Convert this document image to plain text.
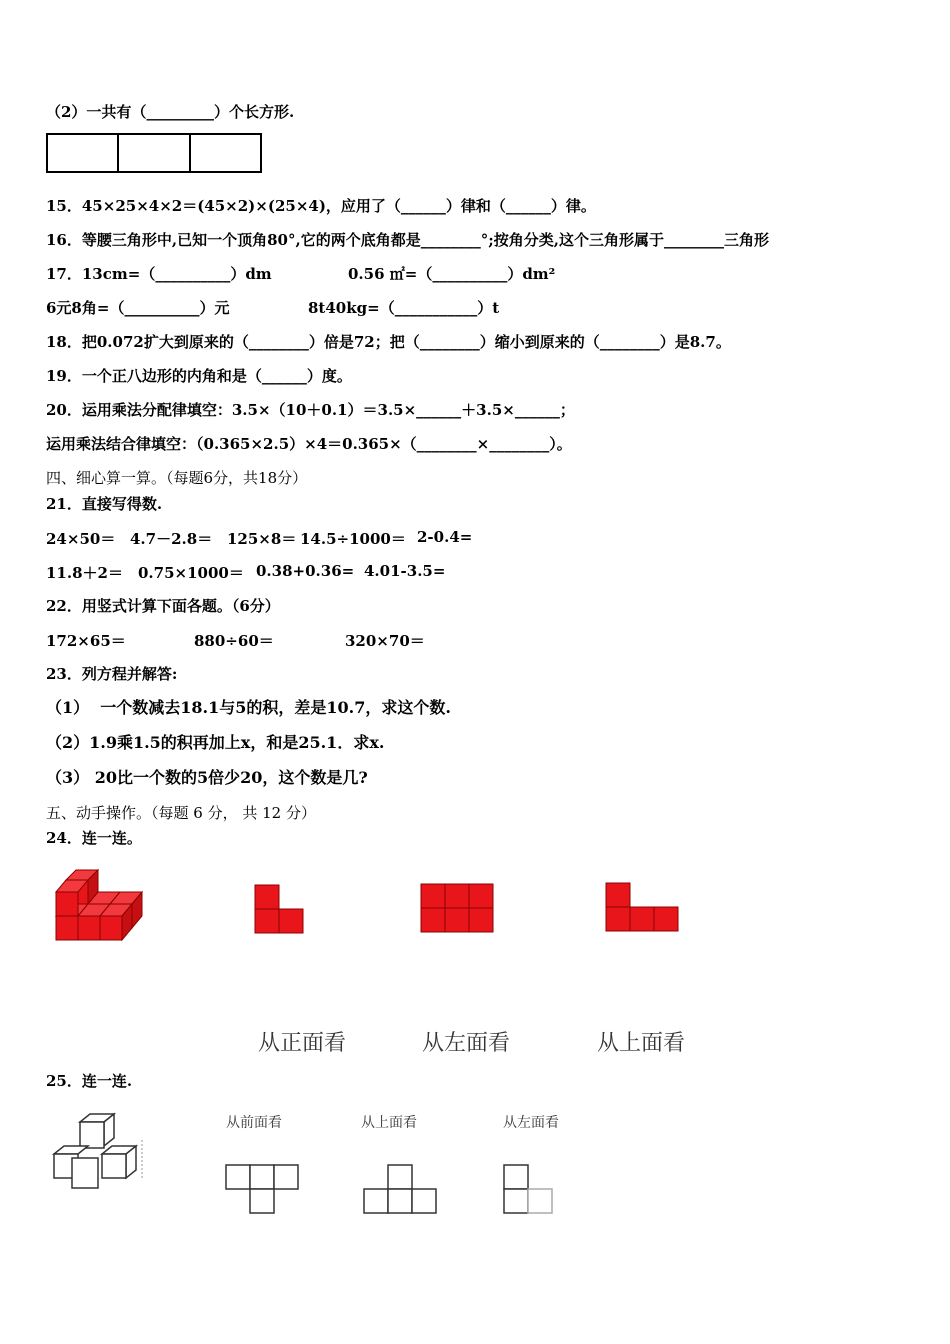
（2）一共有（_________）个长方形.
15．45×25×4×2＝(45×2)×(25×4)，应用了（______）律和（______）律。
16．等腰三角形中,已知一个顶角80°,它的两个底角都是________°;按角分类,这个三角形属于________三角形
17．13cm=（__________）dm	0.56 ㎡=（__________）dm²
6元8角=（__________）元	8t40kg=（___________）t
18．把0.072扩大到原来的（________）倍是72；把（________）缩小到原来的（________）是8.7。
19．一个正八边形的内角和是（______）度。
20．运用乘法分配律填空：3.5×（10＋0.1）＝3.5×______＋3.5×______；
运用乘法结合律填空：（0.365×2.5）×4＝0.365×（________×________）。
四、细心算一算。（每题6分，共18分）
21．直接写得数.
24×50＝ 4.7－2.8＝ 125×8＝ 14.5÷1000＝ 2-0.4=
11.8＋2＝ 0.75×1000＝ 0.38+0.36= 4.01-3.5=
22．用竖式计算下面各题。（6分）
172×65＝	880÷60＝	320×70＝
23．列方程并解答:
（1）  一个数减去18.1与5的积，差是10.7，求这个数.
（2）1.9乘1.5的积再加上x，和是25.1．求x.
（3） 20比一个数的5倍少20，这个数是几?
五、动手操作。（每题 6 分， 共 12 分）
24．连一连。
从正面看	从左面看	从上面看
25．连一连.
从前面看	从上面看	从左面看
